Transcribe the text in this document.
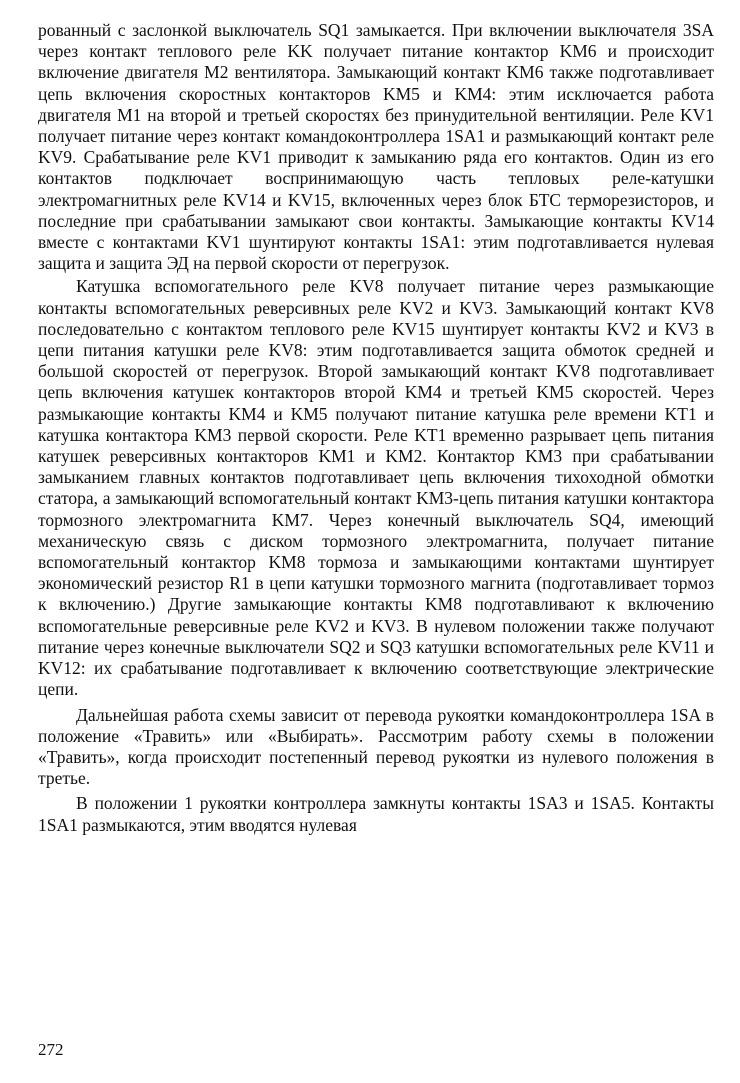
рованный с заслонкой выключатель SQ1 замыкается. При включении выключателя 3SA через контакт теплового реле KK получает питание контактор KM6 и происходит включение двигателя M2 вентилятора. Замыкающий контакт KM6 также подготавливает цепь включения скоростных контакторов KM5 и KM4: этим исключается работа двигателя M1 на второй и третьей скоростях без принудительной вентиляции. Реле KV1 получает питание через контакт командоконтроллера 1SA1 и размыкающий контакт реле KV9. Срабатывание реле KV1 приводит к замыканию ряда его контактов. Один из его контактов подключает воспринимающую часть тепловых реле-катушки электромагнитных реле KV14 и KV15, включенных через блок БТС терморезисторов, и последние при срабатывании замыкают свои контакты. Замыкающие контакты KV14 вместе с контактами KV1 шунтируют контакты 1SA1: этим подготавливается нулевая защита и защита ЭД на первой скорости от перегрузок.

Катушка вспомогательного реле KV8 получает питание через размыкающие контакты вспомогательных реверсивных реле KV2 и KV3. Замыкающий контакт KV8 последовательно с контактом теплового реле KV15 шунтирует контакты KV2 и KV3 в цепи питания катушки реле KV8: этим подготавливается защита обмоток средней и большой скоростей от перегрузок. Второй замыкающий контакт KV8 подготавливает цепь включения катушек контакторов второй KM4 и третьей KM5 скоростей. Через размыкающие контакты KM4 и KM5 получают питание катушка реле времени KT1 и катушка контактора KM3 первой скорости. Реле KT1 временно разрывает цепь питания катушек реверсивных контакторов KM1 и KM2. Контактор KM3 при срабатывании замыканием главных контактов подготавливает цепь включения тихоходной обмотки статора, а замыкающий вспомогательный контакт KM3-цепь питания катушки контактора тормозного электромагнита KM7. Через конечный выключатель SQ4, имеющий механическую связь с диском тормозного электромагнита, получает питание вспомогательный контактор KM8 тормоза и замыкающими контактами шунтирует экономический резистор R1 в цепи катушки тормозного магнита (подготавливает тормоз к включению.) Другие замыкающие контакты KM8 подготавливают к включению вспомогательные реверсивные реле KV2 и KV3. В нулевом положении также получают питание через конечные выключатели SQ2 и SQ3 катушки вспомогательных реле KV11 и KV12: их срабатывание подготавливает к включению соответствующие электрические цепи.

Дальнейшая работа схемы зависит от перевода рукоятки командоконтроллера 1SA в положение «Травить» или «Выбирать». Рассмотрим работу схемы в положении «Травить», когда происходит постепенный перевод рукоятки из нулевого положения в третье.

В положении 1 рукоятки контроллера замкнуты контакты 1SA3 и 1SA5. Контакты 1SA1 размыкаются, этим вводятся нулевая

272
